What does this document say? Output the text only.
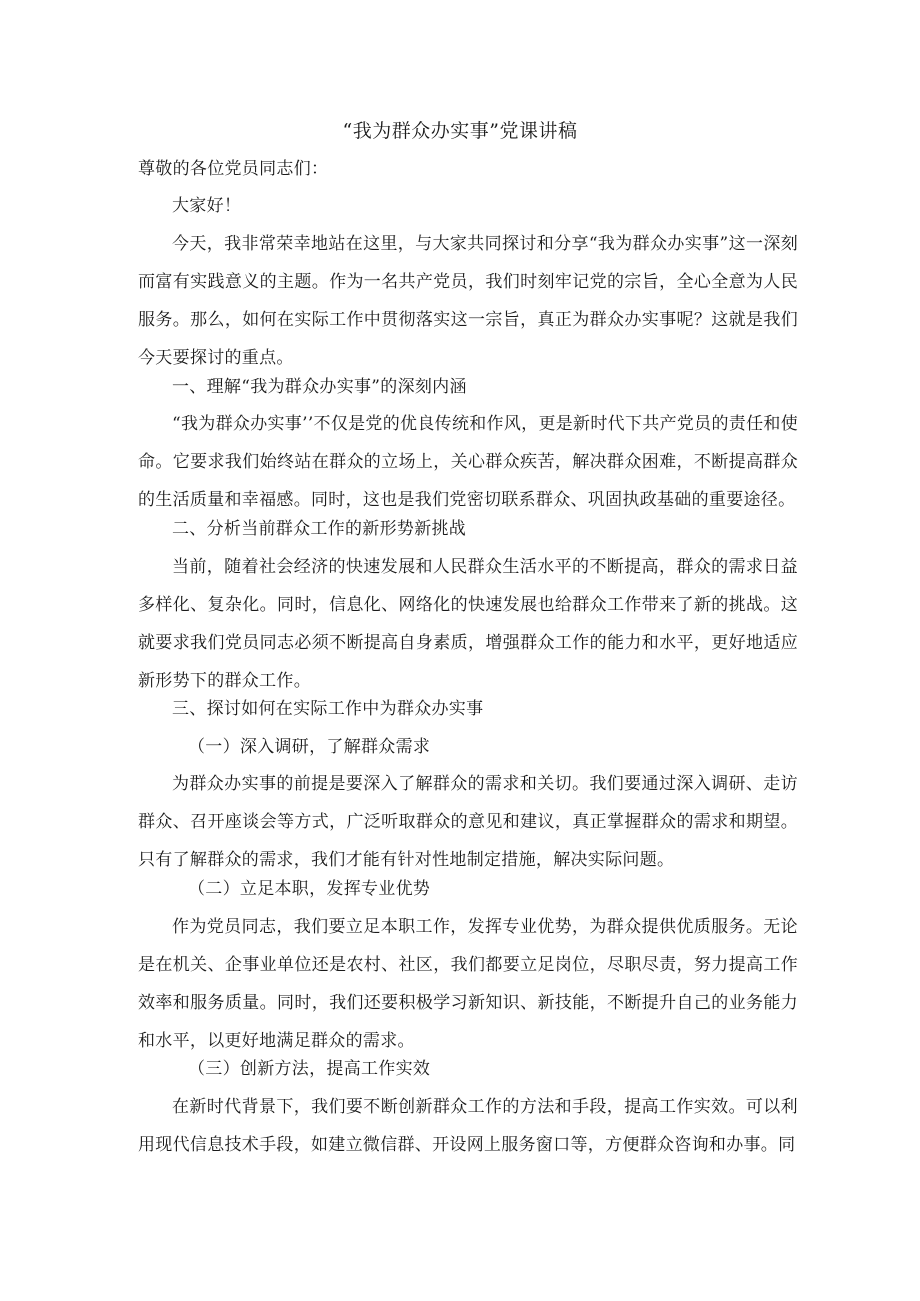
“我为群众办实事”党课讲稿
尊敬的各位党员同志们：
大家好！
今天，我非常荣幸地站在这里，与大家共同探讨和分享“我为群众办实事”这一深刻而富有实践意义的主题。作为一名共产党员，我们时刻牢记党的宗旨，全心全意为人民服务。那么，如何在实际工作中贯彻落实这一宗旨，真正为群众办实事呢？这就是我们今天要探讨的重点。
一、理解“我为群众办实事”的深刻内涵
“我为群众办实事’’不仅是党的优良传统和作风，更是新时代下共产党员的责任和使命。它要求我们始终站在群众的立场上，关心群众疾苦，解决群众困难，不断提高群众的生活质量和幸福感。同时，这也是我们党密切联系群众、巩固执政基础的重要途径。
二、分析当前群众工作的新形势新挑战
当前，随着社会经济的快速发展和人民群众生活水平的不断提高，群众的需求日益多样化、复杂化。同时，信息化、网络化的快速发展也给群众工作带来了新的挑战。这就要求我们党员同志必须不断提高自身素质，增强群众工作的能力和水平，更好地适应新形势下的群众工作。
三、探讨如何在实际工作中为群众办实事
（一）深入调研，了解群众需求
为群众办实事的前提是要深入了解群众的需求和关切。我们要通过深入调研、走访群众、召开座谈会等方式，广泛听取群众的意见和建议，真正掌握群众的需求和期望。只有了解群众的需求，我们才能有针对性地制定措施，解决实际问题。
（二）立足本职，发挥专业优势
作为党员同志，我们要立足本职工作，发挥专业优势，为群众提供优质服务。无论是在机关、企事业单位还是农村、社区，我们都要立足岗位，尽职尽责，努力提高工作效率和服务质量。同时，我们还要积极学习新知识、新技能，不断提升自己的业务能力和水平，以更好地满足群众的需求。
（三）创新方法，提高工作实效
在新时代背景下，我们要不断创新群众工作的方法和手段，提高工作实效。可以利用现代信息技术手段，如建立微信群、开设网上服务窗口等，方便群众咨询和办事。同
